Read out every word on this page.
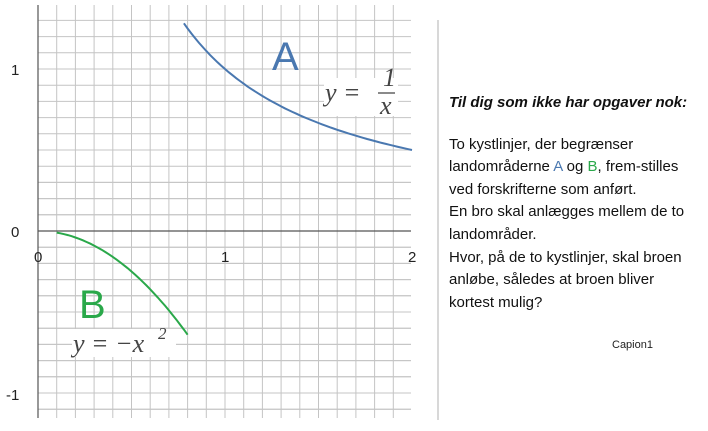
0	1	2
1
0
-1
A
B
y =
1
x
y = −x 2
Til dig som ikke har opgaver nok:

To kystlinjer, der begrænser landområderne A og B, frem-stilles ved forskrifterne som anført.

En bro skal anlægges mellem de to landområder.

Hvor, på de to kystlinjer, skal broen anløbe, således at broen bliver kortest mulig?

Capion1
